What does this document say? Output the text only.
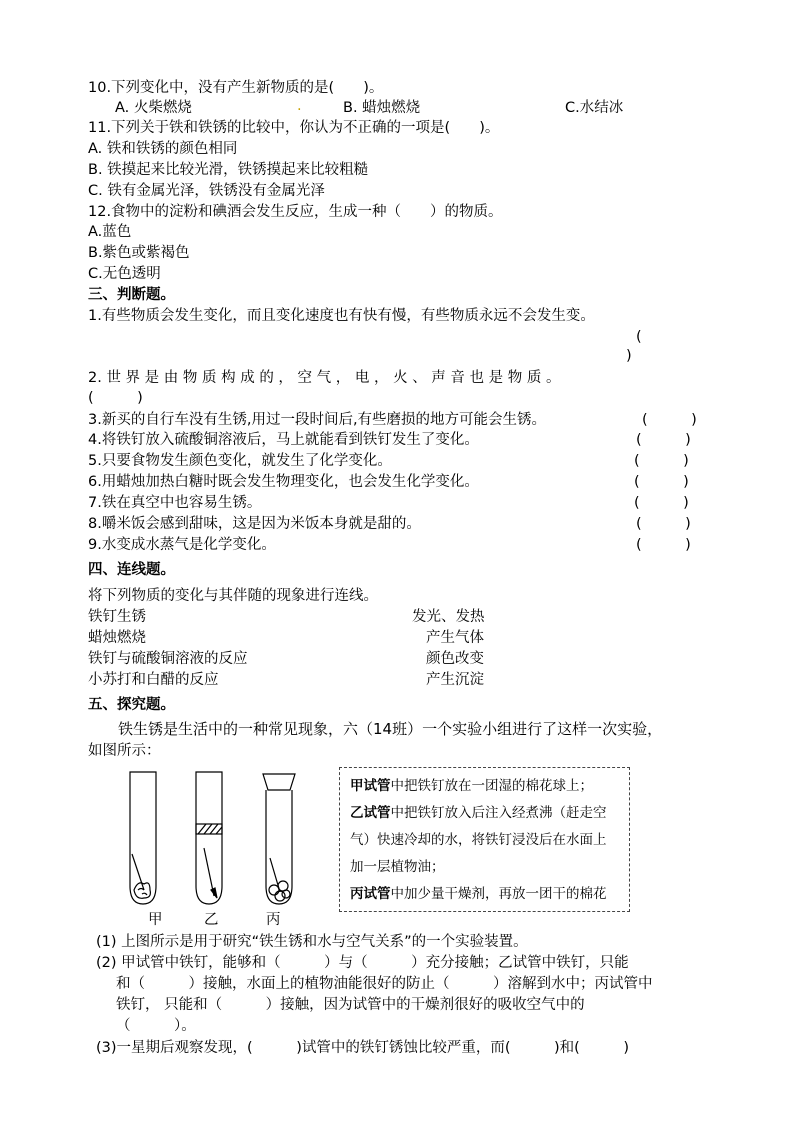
10.下列变化中，没有产生新物质的是(　　)。
A. 火柴燃烧	.	B. 蜡烛燃烧	C.水结冰
11.下列关于铁和铁锈的比较中，你认为不正确的一项是(　　)。
A. 铁和铁锈的颜色相同
B. 铁摸起来比较光滑，铁锈摸起来比较粗糙
C. 铁有金属光泽，铁锈没有金属光泽
12.食物中的淀粉和碘酒会发生反应，生成一种（　　）的物质。
A.蓝色
B.紫色或紫褐色
C.无色透明
三、判断题。
1.有些物质会发生变化，而且变化速度也有快有慢，有些物质永远不会发生变。
(
)
2. 世 界 是 由 物 质 构 成 的 ， 空 气 ， 电 ， 火 、 声 音 也 是 物 质 。
(　　　)
3.新买的自行车没有生锈,用过一段时间后,有些磨损的地方可能会生锈。	(　　　)
4.将铁钉放入硫酸铜溶液后，马上就能看到铁钉发生了变化。	(　　　)
5.只要食物发生颜色变化，就发生了化学变化。	(　　　)
6.用蜡烛加热白糖时既会发生物理变化，也会发生化学变化。	(　　　)
7.铁在真空中也容易生锈。	(　　　)
8.嚼米饭会感到甜味，这是因为米饭本身就是甜的。	(　　　)
9.水变成水蒸气是化学变化。	(　　　)
四、连线题。
将下列物质的变化与其伴随的现象进行连线。
铁钉生锈
蜡烛燃烧
铁钉与硫酸铜溶液的反应
小苏打和白醋的反应
发光、发热
产生气体
颜色改变
产生沉淀
五、探究题。
铁生锈是生活中的一种常见现象，六（14班）一个实验小组进行了这样一次实验，
如图所示：
甲	乙	丙
甲试管中把铁钉放在一团湿的棉花球上；
乙试管中把铁钉放入后注入经煮沸（赶走空
气）快速冷却的水，将铁钉浸没后在水面上
加一层植物油；
丙试管中加少量干燥剂，再放一团干的棉花
(1) 上图所示是用于研究“铁生锈和水与空气关系”的一个实验装置。
(2) 甲试管中铁钉，能够和（　　　）与（　　　）充分接触；乙试管中铁钉，只能
和（　　　）接触，水面上的植物油能很好的防止（　　　）溶解到水中；丙试管中
铁钉， 只能和（　　　）接触，因为试管中的干燥剂很好的吸收空气中的
（　　　）。
(3)一星期后观察发现，(　　　)试管中的铁钉锈蚀比较严重，而(　　　)和(　　　)
